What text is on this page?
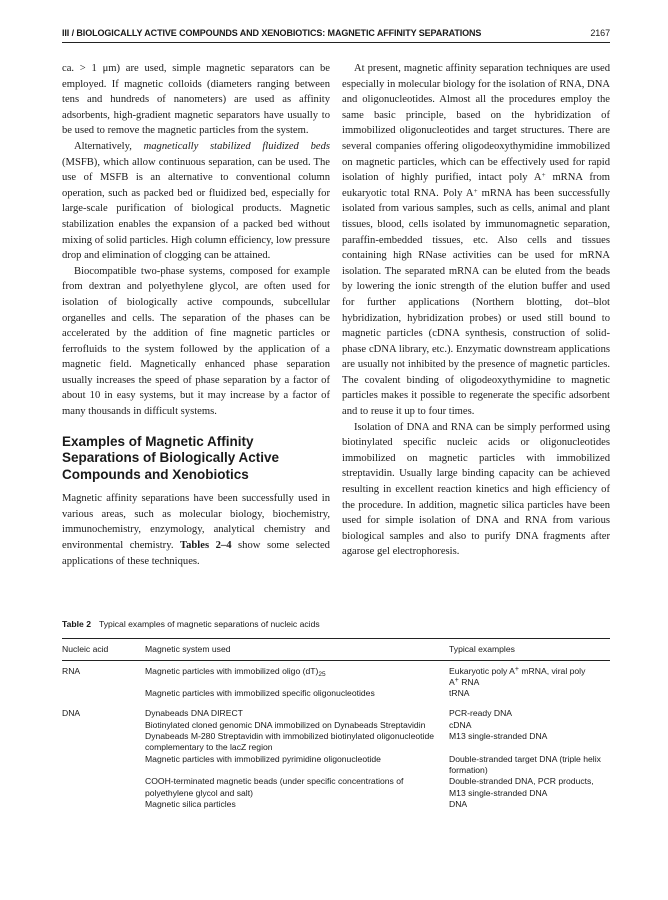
III / BIOLOGICALLY ACTIVE COMPOUNDS AND XENOBIOTICS: MAGNETIC AFFINITY SEPARATIONS	2167

ca. > 1 μm) are used, simple magnetic separators can be employed. If magnetic colloids (diameters ranging between tens and hundreds of nanometers) are used as affinity adsorbents, high-gradient magnetic separators have usually to be used to remove the magnetic particles from the system.

Alternatively, magnetically stabilized fluidized beds (MSFB), which allow continuous separation, can be used. The use of MSFB is an alternative to conventional column operation, such as packed bed or fluidized bed, especially for large-scale purification of biological products. Magnetic stabilization enables the expansion of a packed bed without mixing of solid particles. High column efficiency, low pressure drop and elimination of clogging can be attained.

Biocompatible two-phase systems, composed for example from dextran and polyethylene glycol, are often used for isolation of biologically active compounds, subcellular organelles and cells. The separation of the phases can be accelerated by the addition of fine magnetic particles or ferrofluids to the system followed by the application of a magnetic field. Magnetically enhanced phase separation usually increases the speed of phase separation by a factor of about 10 in easy systems, but it may increase by a factor of many thousands in difficult systems.

Examples of Magnetic Affinity Separations of Biologically Active Compounds and Xenobiotics

Magnetic affinity separations have been successfully used in various areas, such as molecular biology, biochemistry, immunochemistry, enzymology, analytical chemistry and environmental chemistry. Tables 2–4 show some selected applications of these techniques.

At present, magnetic affinity separation techniques are used especially in molecular biology for the isolation of RNA, DNA and oligonucleotides. Almost all the procedures employ the same basic principle, based on the hybridization of immobilized oligonucleotides and target structures. There are several companies offering oligodeoxythymidine immobilized on magnetic particles, which can be effectively used for rapid isolation of highly purified, intact poly A+ mRNA from eukaryotic total RNA. Poly A+ mRNA has been successfully isolated from various samples, such as cells, animal and plant tissues, blood, cells isolated by immunomagnetic separation, paraffin-embedded tissues, etc. Also cells and tissues containing high RNase activities can be used for mRNA isolation. The separated mRNA can be eluted from the beads by lowering the ionic strength of the elution buffer and used for further applications (Northern blotting, dot–blot hybridization, hybridization probes) or used still bound to magnetic particles (cDNA synthesis, construction of solid-phase cDNA library, etc.). Enzymatic downstream applications are usually not inhibited by the presence of magnetic particles. The covalent binding of oligodeoxythymidine to magnetic particles makes it possible to regenerate the specific adsorbent and to reuse it up to four times.

Isolation of DNA and RNA can be simply performed using biotinylated specific nucleic acids or oligonucleotides immobilized on magnetic particles with immobilized streptavidin. Usually large binding capacity can be achieved resulting in excellent reaction kinetics and high efficiency of the procedure. In addition, magnetic silica particles have been used for simple isolation of DNA and RNA from various biological samples and also to purify DNA fragments after agarose gel electrophoresis.

Table 2 Typical examples of magnetic separations of nucleic acids
Nucleic acid	Magnetic system used	Typical examples
RNA	Magnetic particles with immobilized oligo $(dT)_{25}$	Eukaryotic poly A+ mRNA, viral poly
A+ RNA
	Magnetic particles with immobilized specific oligonucleotides	tRNA

DNA	Dynabeads DNA DIRECT	PCR-ready DNA
	Biotinylated cloned genomic DNA immobilized on Dynabeads Streptavidin	cDNA
	Dynabeads M-280 Streptavidin with immobilized biotinylated oligonucleotide complementary to the lacZ region	M13 single-stranded DNA
	Magnetic particles with immobilized pyrimidine oligonucleotide	Double-stranded target DNA (triple helix formation)
	COOH-terminated magnetic beads (under specific concentrations of polyethylene glycol and salt)	Double-stranded DNA, PCR products, M13 single-stranded DNA
	Magnetic silica particles	DNA
